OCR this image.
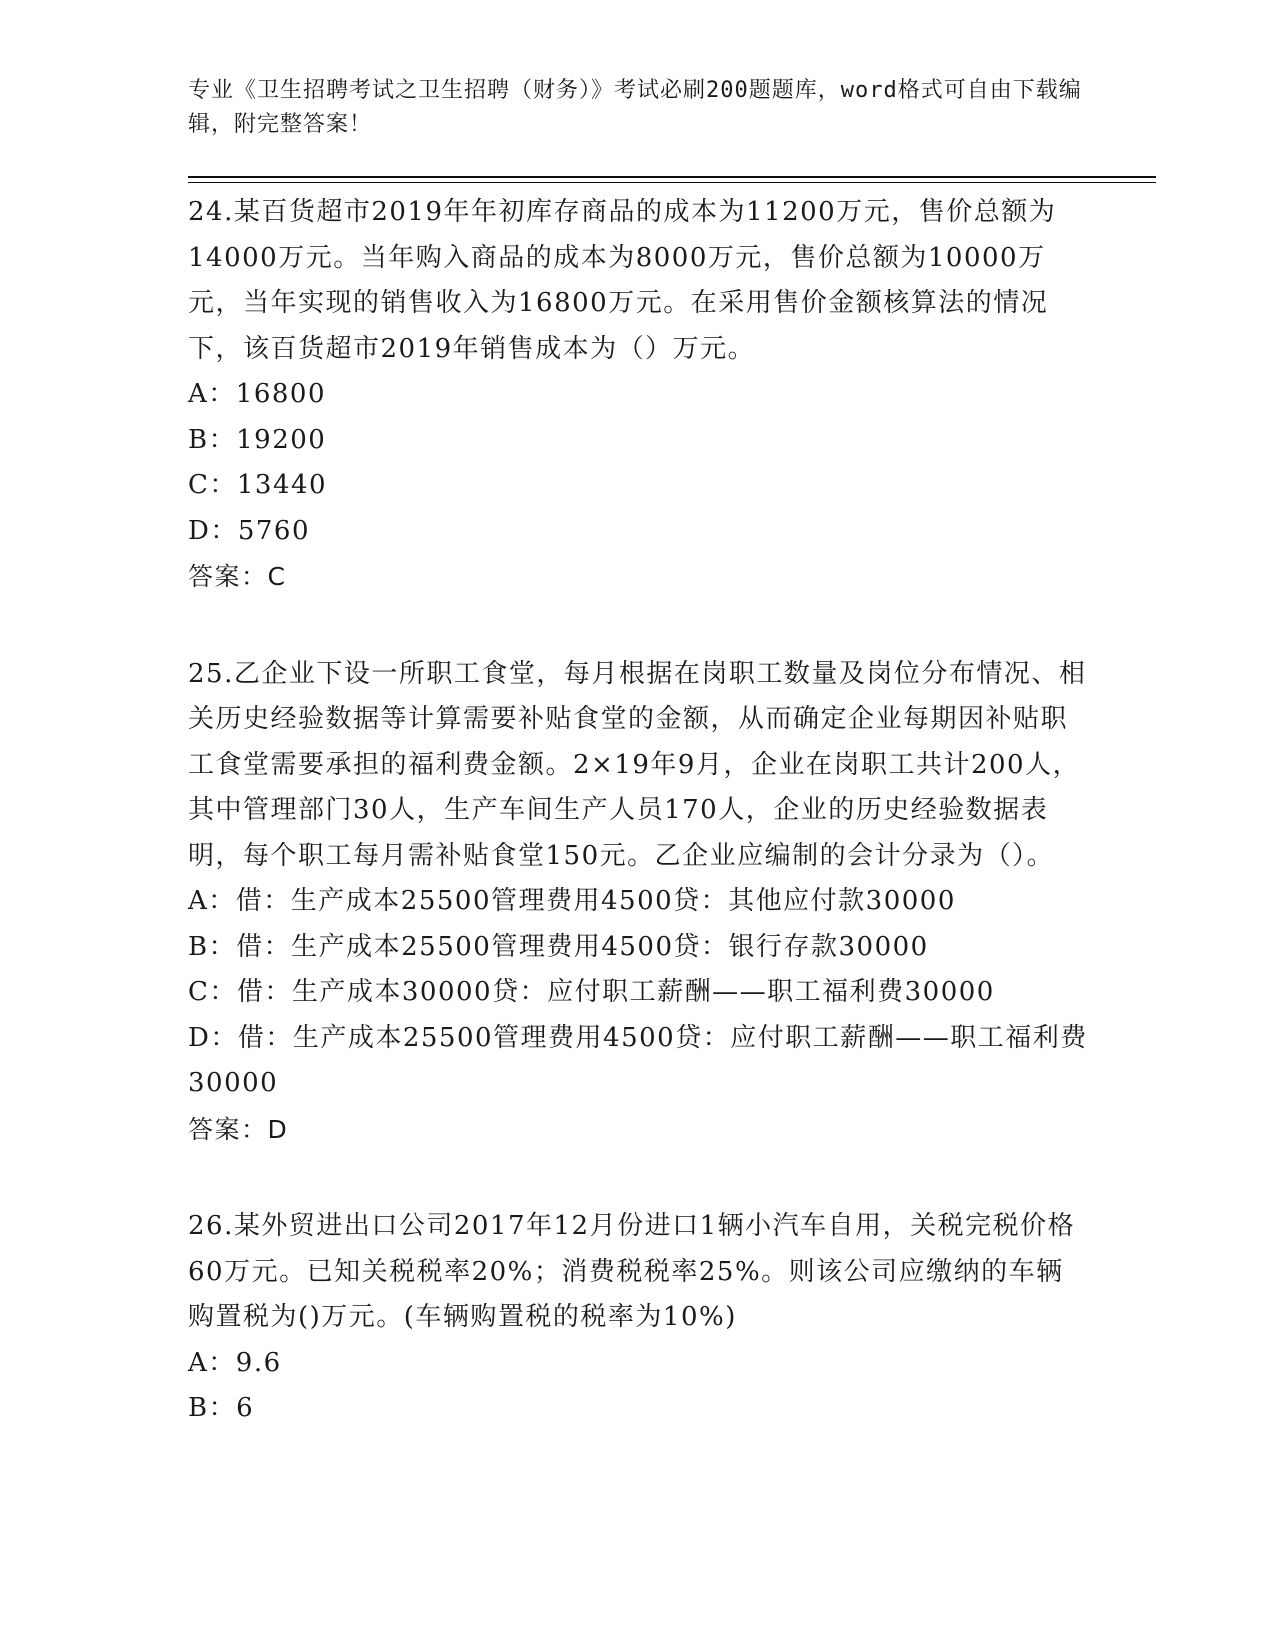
专业《卫生招聘考试之卫生招聘（财务）》考试必刷200题题库，word格式可自由下载编辑，附完整答案！

24.某百货超市2019年年初库存商品的成本为11200万元，售价总额为14000万元。当年购入商品的成本为8000万元，售价总额为10000万元，当年实现的销售收入为16800万元。在采用售价金额核算法的情况下，该百货超市2019年销售成本为（）万元。

A：16800

B：19200

C：13440

D：5760

答案：C

25.乙企业下设一所职工食堂，每月根据在岗职工数量及岗位分布情况、相关历史经验数据等计算需要补贴食堂的金额，从而确定企业每期因补贴职工食堂需要承担的福利费金额。2×19年9月，企业在岗职工共计200人，其中管理部门30人，生产车间生产人员170人，企业的历史经验数据表明，每个职工每月需补贴食堂150元。乙企业应编制的会计分录为（）。

A：借：生产成本25500管理费用4500贷：其他应付款30000

B：借：生产成本25500管理费用4500贷：银行存款30000

C：借：生产成本30000贷：应付职工薪酬——职工福利费30000

D：借：生产成本25500管理费用4500贷：应付职工薪酬——职工福利费30000

答案：D

26.某外贸进出口公司2017年12月份进口1辆小汽车自用，关税完税价格60万元。已知关税税率20%；消费税税率25%。则该公司应缴纳的车辆购置税为()万元。(车辆购置税的税率为10%)

A：9.6

B：6
